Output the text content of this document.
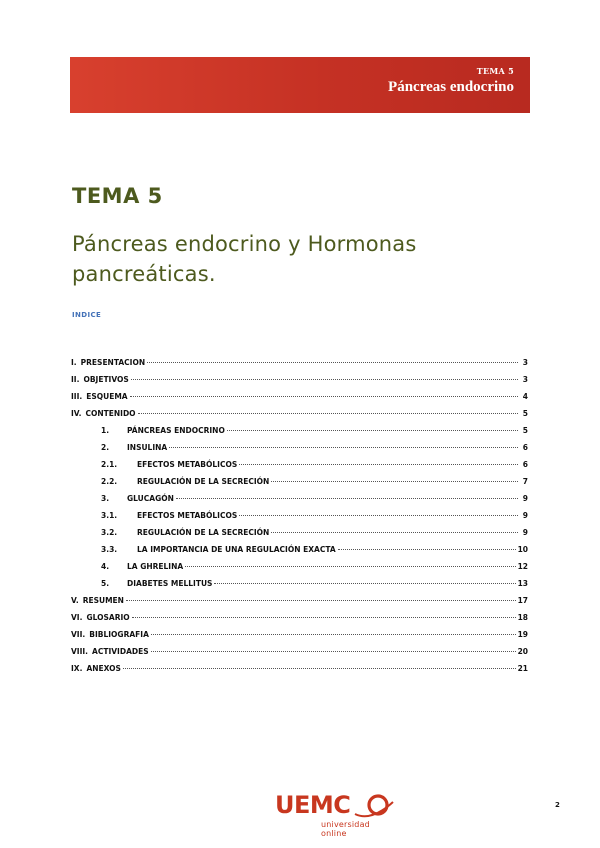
TEMA 5
Páncreas endocrino
TEMA 5
Páncreas endocrino y Hormonas pancreáticas.
INDICE
I. PRESENTACION	3
II. OBJETIVOS	3
III. ESQUEMA	4
IV. CONTENIDO	5
1.	PÁNCREAS ENDOCRINO	5
2.	INSULINA	6
2.1.	EFECTOS METABÓLICOS	6
2.2.	REGULACIÓN DE LA SECRECIÓN	7
3.	GLUCAGÓN	9
3.1.	EFECTOS METABÓLICOS	9
3.2.	REGULACIÓN DE LA SECRECIÓN	9
3.3.	LA IMPORTANCIA DE UNA REGULACIÓN EXACTA	10
4.	LA GHRELINA	12
5.	DIABETES MELLITUS	13
V. RESUMEN	17
VI. GLOSARIO	18
VII. BIBLIOGRAFIA	19
VIII. ACTIVIDADES	20
IX. ANEXOS	21
2
UEMC
universidad online
